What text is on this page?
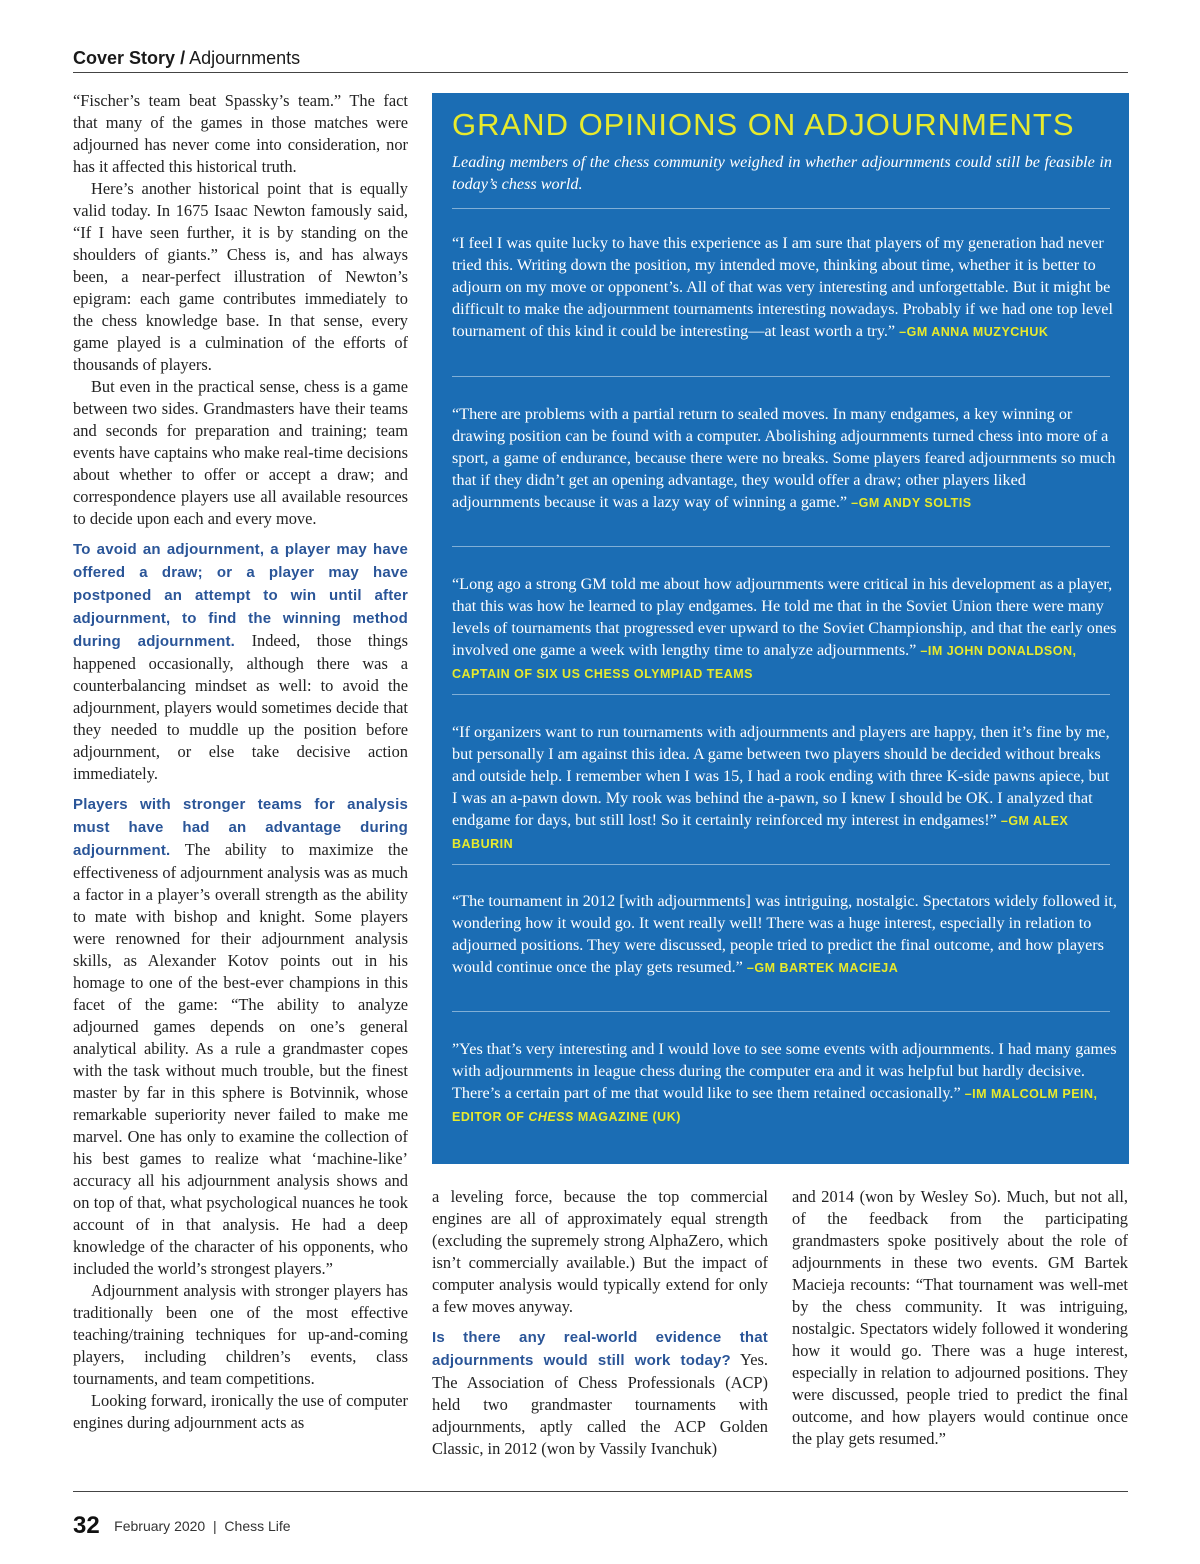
Cover Story / Adjournments

“Fischer’s team beat Spassky’s team.” The fact that many of the games in those matches were adjourned has never come into consideration, nor has it affected this historical truth.

Here’s another historical point that is equally valid today. In 1675 Isaac Newton famously said, “If I have seen further, it is by standing on the shoulders of giants.” Chess is, and has always been, a near-perfect illustration of Newton’s epigram: each game contributes immediately to the chess knowledge base. In that sense, every game played is a culmination of the efforts of thousands of players.

But even in the practical sense, chess is a game between two sides. Grandmasters have their teams and seconds for preparation and training; team events have captains who make real-time decisions about whether to offer or accept a draw; and correspondence players use all available resources to decide upon each and every move.

To avoid an adjournment, a player may have offered a draw; or a player may have postponed an attempt to win until after adjournment, to find the winning method during adjournment. Indeed, those things happened occasionally, although there was a counterbalancing mindset as well: to avoid the adjournment, players would sometimes decide that they needed to muddle up the position before adjournment, or else take decisive action immediately.

Players with stronger teams for analysis must have had an advantage during adjournment. The ability to maximize the effectiveness of adjournment analysis was as much a factor in a player’s overall strength as the ability to mate with bishop and knight. Some players were renowned for their adjournment analysis skills, as Alexander Kotov points out in his homage to one of the best-ever champions in this facet of the game: “The ability to analyze adjourned games depends on one’s general analytical ability. As a rule a grandmaster copes with the task without much trouble, but the finest master by far in this sphere is Botvinnik, whose remarkable superiority never failed to make me marvel. One has only to examine the collection of his best games to realize what ‘machine-like’ accuracy all his adjournment analysis shows and on top of that, what psychological nuances he took account of in that analysis. He had a deep knowledge of the character of his opponents, who included the world’s strongest players.”

Adjournment analysis with stronger players has traditionally been one of the most effective teaching/training techniques for up-and-coming players, including children’s events, class tournaments, and team competitions.

Looking forward, ironically the use of computer engines during adjournment acts as

GRAND OPINIONS ON ADJOURNMENTS
Leading members of the chess community weighed in whether adjournments could still be feasible in today’s chess world.
“I feel I was quite lucky to have this experience as I am sure that players of my generation had never tried this. Writing down the position, my intended move, thinking about time, whether it is better to adjourn on my move or opponent’s. All of that was very interesting and unforgettable. But it might be difficult to make the adjournment tournaments interesting nowadays. Probably if we had one top level tournament of this kind it could be interesting—at least worth a try.” –GM ANNA MUZYCHUK
“There are problems with a partial return to sealed moves. In many endgames, a key winning or drawing position can be found with a computer. Abolishing adjournments turned chess into more of a sport, a game of endurance, because there were no breaks. Some players feared adjournments so much that if they didn’t get an opening advantage, they would offer a draw; other players liked adjournments because it was a lazy way of winning a game.” –GM ANDY SOLTIS
“Long ago a strong GM told me about how adjournments were critical in his development as a player, that this was how he learned to play endgames. He told me that in the Soviet Union there were many levels of tournaments that progressed ever upward to the Soviet Championship, and that the early ones involved one game a week with lengthy time to analyze adjournments.” –IM JOHN DONALDSON, CAPTAIN OF SIX US CHESS OLYMPIAD TEAMS
“If organizers want to run tournaments with adjournments and players are happy, then it’s fine by me, but personally I am against this idea. A game between two players should be decided without breaks and outside help. I remember when I was 15, I had a rook ending with three K-side pawns apiece, but I was an a-pawn down. My rook was behind the a-pawn, so I knew I should be OK. I analyzed that endgame for days, but still lost! So it certainly reinforced my interest in endgames!” –GM ALEX BABURIN
“The tournament in 2012 [with adjournments] was intriguing, nostalgic. Spectators widely followed it, wondering how it would go. It went really well! There was a huge interest, especially in relation to adjourned positions. They were discussed, people tried to predict the final outcome, and how players would continue once the play gets resumed.” –GM BARTEK MACIEJA
”Yes that’s very interesting and I would love to see some events with adjournments. I had many games with adjournments in league chess during the computer era and it was helpful but hardly decisive. There’s a certain part of me that would like to see them retained occasionally.” –IM MALCOLM PEIN, EDITOR OF CHESS MAGAZINE (UK)

a leveling force, because the top commercial engines are all of approximately equal strength (excluding the supremely strong AlphaZero, which isn’t commercially available.) But the impact of computer analysis would typically extend for only a few moves anyway.

Is there any real-world evidence that adjournments would still work today? Yes. The Association of Chess Professionals (ACP) held two grandmaster tournaments with adjournments, aptly called the ACP Golden Classic, in 2012 (won by Vassily Ivanchuk)

and 2014 (won by Wesley So). Much, but not all, of the feedback from the participating grandmasters spoke positively about the role of adjournments in these two events. GM Bartek Macieja recounts: “That tournament was well-met by the chess community. It was intriguing, nostalgic. Spectators widely followed it wondering how it would go. There was a huge interest, especially in relation to adjourned positions. They were discussed, people tried to predict the final outcome, and how players would continue once the play gets resumed.”

32 February 2020 | Chess Life
